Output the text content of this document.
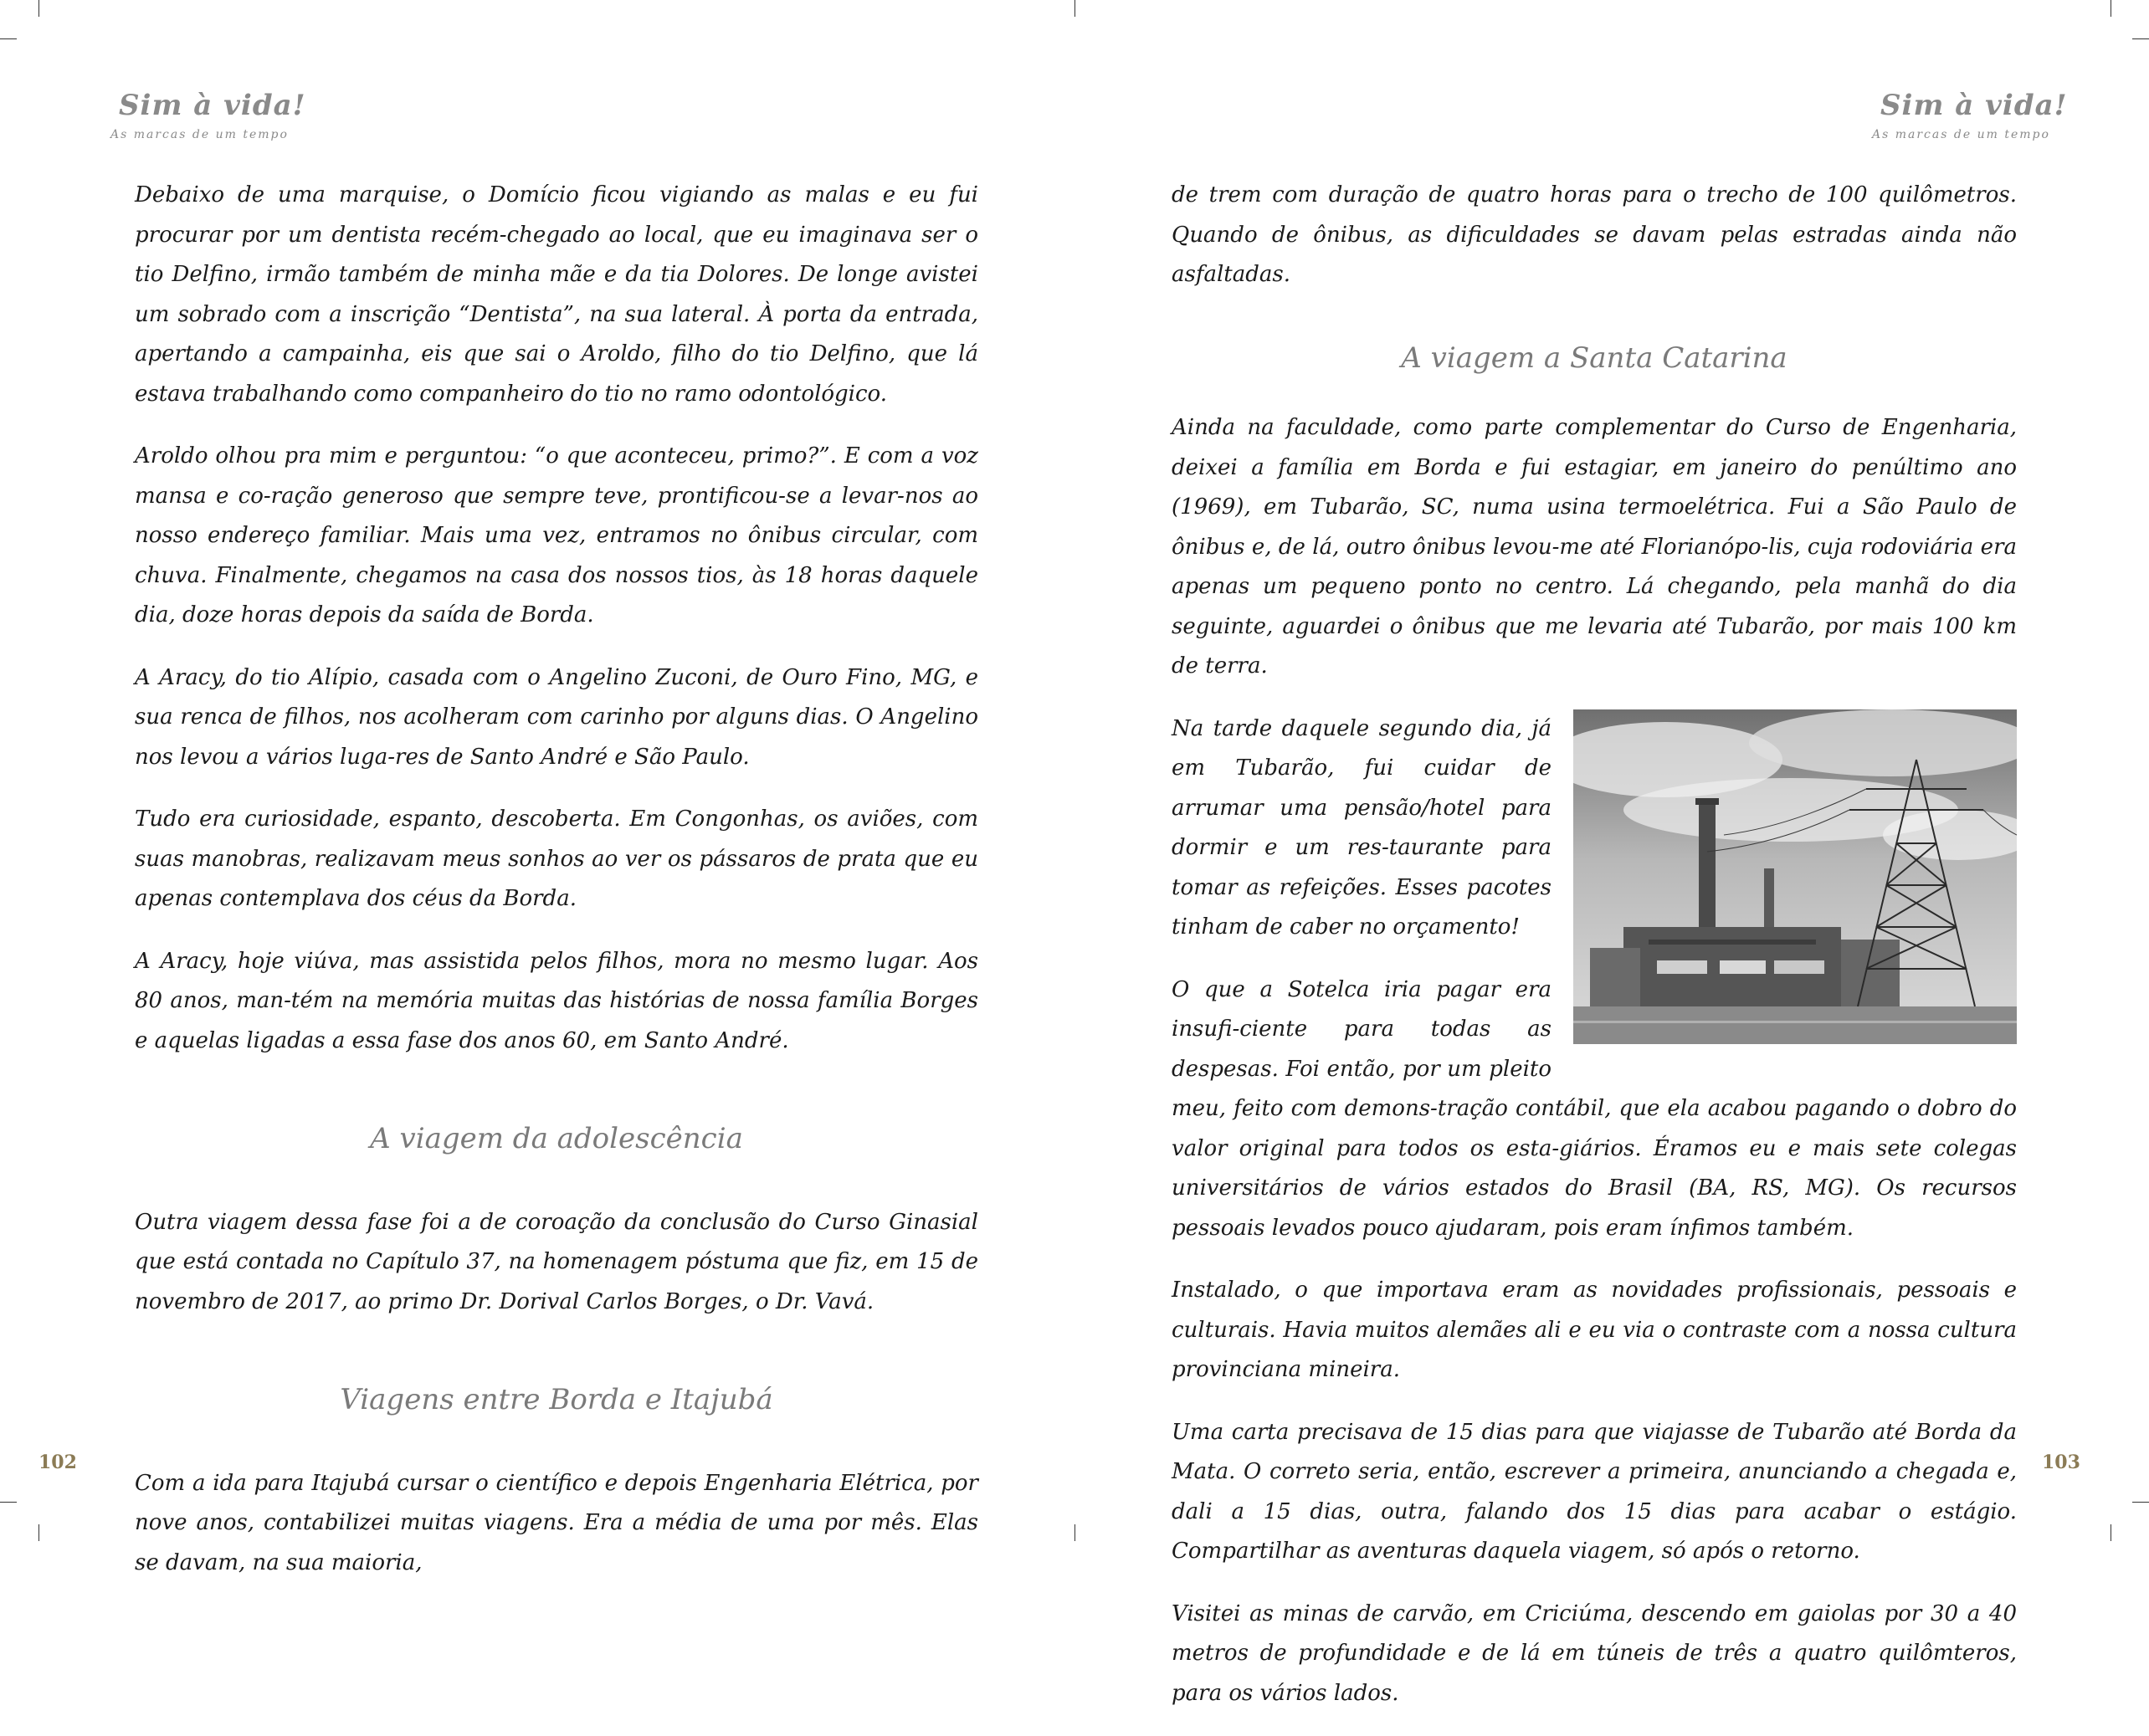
Sim à vida!
As marcas de um tempo

Debaixo de uma marquise, o Domício ficou vigiando as malas e eu fui procurar por um dentista recém-chegado ao local, que eu imaginava ser o tio Delfino, irmão também de minha mãe e da tia Dolores. De longe avistei um sobrado com a inscrição “Dentista”, na sua lateral. À porta da entrada, apertando a campainha, eis que sai o Aroldo, filho do tio Delfino, que lá estava trabalhando como companheiro do tio no ramo odontológico.

Aroldo olhou pra mim e perguntou: “o que aconteceu, primo?”. E com a voz mansa e co-ração generoso que sempre teve, prontificou-se a levar-nos ao nosso endereço familiar. Mais uma vez, entramos no ônibus circular, com chuva. Finalmente, chegamos na casa dos nossos tios, às 18 horas daquele dia, doze horas depois da saída de Borda.

A Aracy, do tio Alípio, casada com o Angelino Zuconi, de Ouro Fino, MG, e sua renca de filhos, nos acolheram com carinho por alguns dias. O Angelino nos levou a vários luga-res de Santo André e São Paulo.

Tudo era curiosidade, espanto, descoberta. Em Congonhas, os aviões, com suas manobras, realizavam meus sonhos ao ver os pássaros de prata que eu apenas contemplava dos céus da Borda.

A Aracy, hoje viúva, mas assistida pelos filhos, mora no mesmo lugar. Aos 80 anos, man-tém na memória muitas das histórias de nossa família Borges e aquelas ligadas a essa fase dos anos 60, em Santo André.

A viagem da adolescência

Outra viagem dessa fase foi a de coroação da conclusão do Curso Ginasial que está contada no Capítulo 37, na homenagem póstuma que fiz, em 15 de novembro de 2017, ao primo Dr. Dorival Carlos Borges, o Dr. Vavá.

Viagens entre Borda e Itajubá

Com a ida para Itajubá cursar o científico e depois Engenharia Elétrica, por nove anos, contabilizei muitas viagens. Era a média de uma por mês. Elas se davam, na sua maioria,

102
Sim à vida!
As marcas de um tempo

de trem com duração de quatro horas para o trecho de 100 quilômetros. Quando de ônibus, as dificuldades se davam pelas estradas ainda não asfaltadas.

A viagem a Santa Catarina

Ainda na faculdade, como parte complementar do Curso de Engenharia, deixei a família em Borda e fui estagiar, em janeiro do penúltimo ano (1969), em Tubarão, SC, numa usina termoelétrica. Fui a São Paulo de ônibus e, de lá, outro ônibus levou-me até Florianópo-lis, cuja rodoviária era apenas um pequeno ponto no centro. Lá chegando, pela manhã do dia seguinte, aguardei o ônibus que me levaria até Tubarão, por mais 100 km de terra.

Na tarde daquele segundo dia, já em Tubarão, fui cuidar de arrumar uma pensão/hotel para dormir e um res-taurante para tomar as refeições. Esses pacotes tinham de caber no orçamento!

O que a Sotelca iria pagar era insufi-ciente para todas as despesas. Foi então, por um pleito meu, feito com demons-tração contábil, que ela acabou pagando o dobro do valor original para todos os esta-giários. Éramos eu e mais sete colegas universitários de vários estados do Brasil (BA, RS, MG). Os recursos pessoais levados pouco ajudaram, pois eram ínfimos também.

Instalado, o que importava eram as novidades profissionais, pessoais e culturais. Havia muitos alemães ali e eu via o contraste com a nossa cultura provinciana mineira.

Uma carta precisava de 15 dias para que viajasse de Tubarão até Borda da Mata. O correto seria, então, escrever a primeira, anunciando a chegada e, dali a 15 dias, outra, falando dos 15 dias para acabar o estágio. Compartilhar as aventuras daquela viagem, só após o retorno.

Visitei as minas de carvão, em Criciúma, descendo em gaiolas por 30 a 40 metros de profundidade e de lá em túneis de três a quatro quilômteros, para os vários lados.

103
